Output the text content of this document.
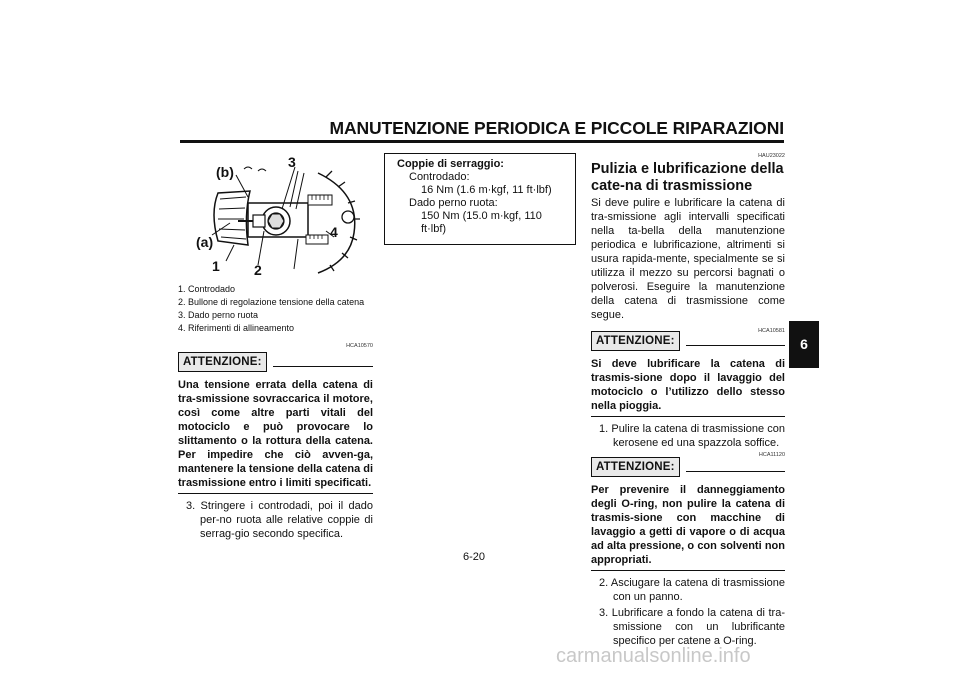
MANUTENZIONE PERIODICA E PICCOLE RIPARAZIONI
6
(b)
(a)
1 2
3
4
1. Controdado
2. Bullone di regolazione tensione della catena
3. Dado perno ruota
4. Riferimenti di allineamento
HCA10570
ATTENZIONE:
Una tensione errata della catena di tra-smissione sovraccarica il motore, così come altre parti vitali del motociclo e può provocare lo slittamento o la rottura della catena. Per impedire che ciò avven-ga, mantenere la tensione della catena di trasmissione entro i limiti specificati.
3. Stringere i controdadi, poi il dado per-no ruota alle relative coppie di serrag-gio secondo specifica.
Coppie di serraggio:
Controdado:
16 Nm (1.6 m·kgf, 11 ft·lbf)
Dado perno ruota:
150 Nm (15.0 m·kgf, 110 ft·lbf)
HAU23022
Pulizia e lubrificazione della cate-na di trasmissione
Si deve pulire e lubrificare la catena di tra-smissione agli intervalli specificati nella ta-bella della manutenzione periodica e lubrificazione, altrimenti si usura rapida-mente, specialmente se si utilizza il mezzo su percorsi bagnati o polverosi. Eseguire la manutenzione della catena di trasmissione come segue.
HCA10581
ATTENZIONE:
Si deve lubrificare la catena di trasmis-sione dopo il lavaggio del motociclo o l’utilizzo dello stesso nella pioggia.
1. Pulire la catena di trasmissione con kerosene ed una spazzola soffice.
HCA11120
ATTENZIONE:
Per prevenire il danneggiamento degli O-ring, non pulire la catena di trasmis-sione con macchine di lavaggio a getti di vapore o di acqua ad alta pressione, o con solventi non appropriati.
2. Asciugare la catena di trasmissione con un panno.
3. Lubrificare a fondo la catena di tra-smissione con un lubrificante specifico per catene a O-ring.
6-20
carmanualsonline.info
